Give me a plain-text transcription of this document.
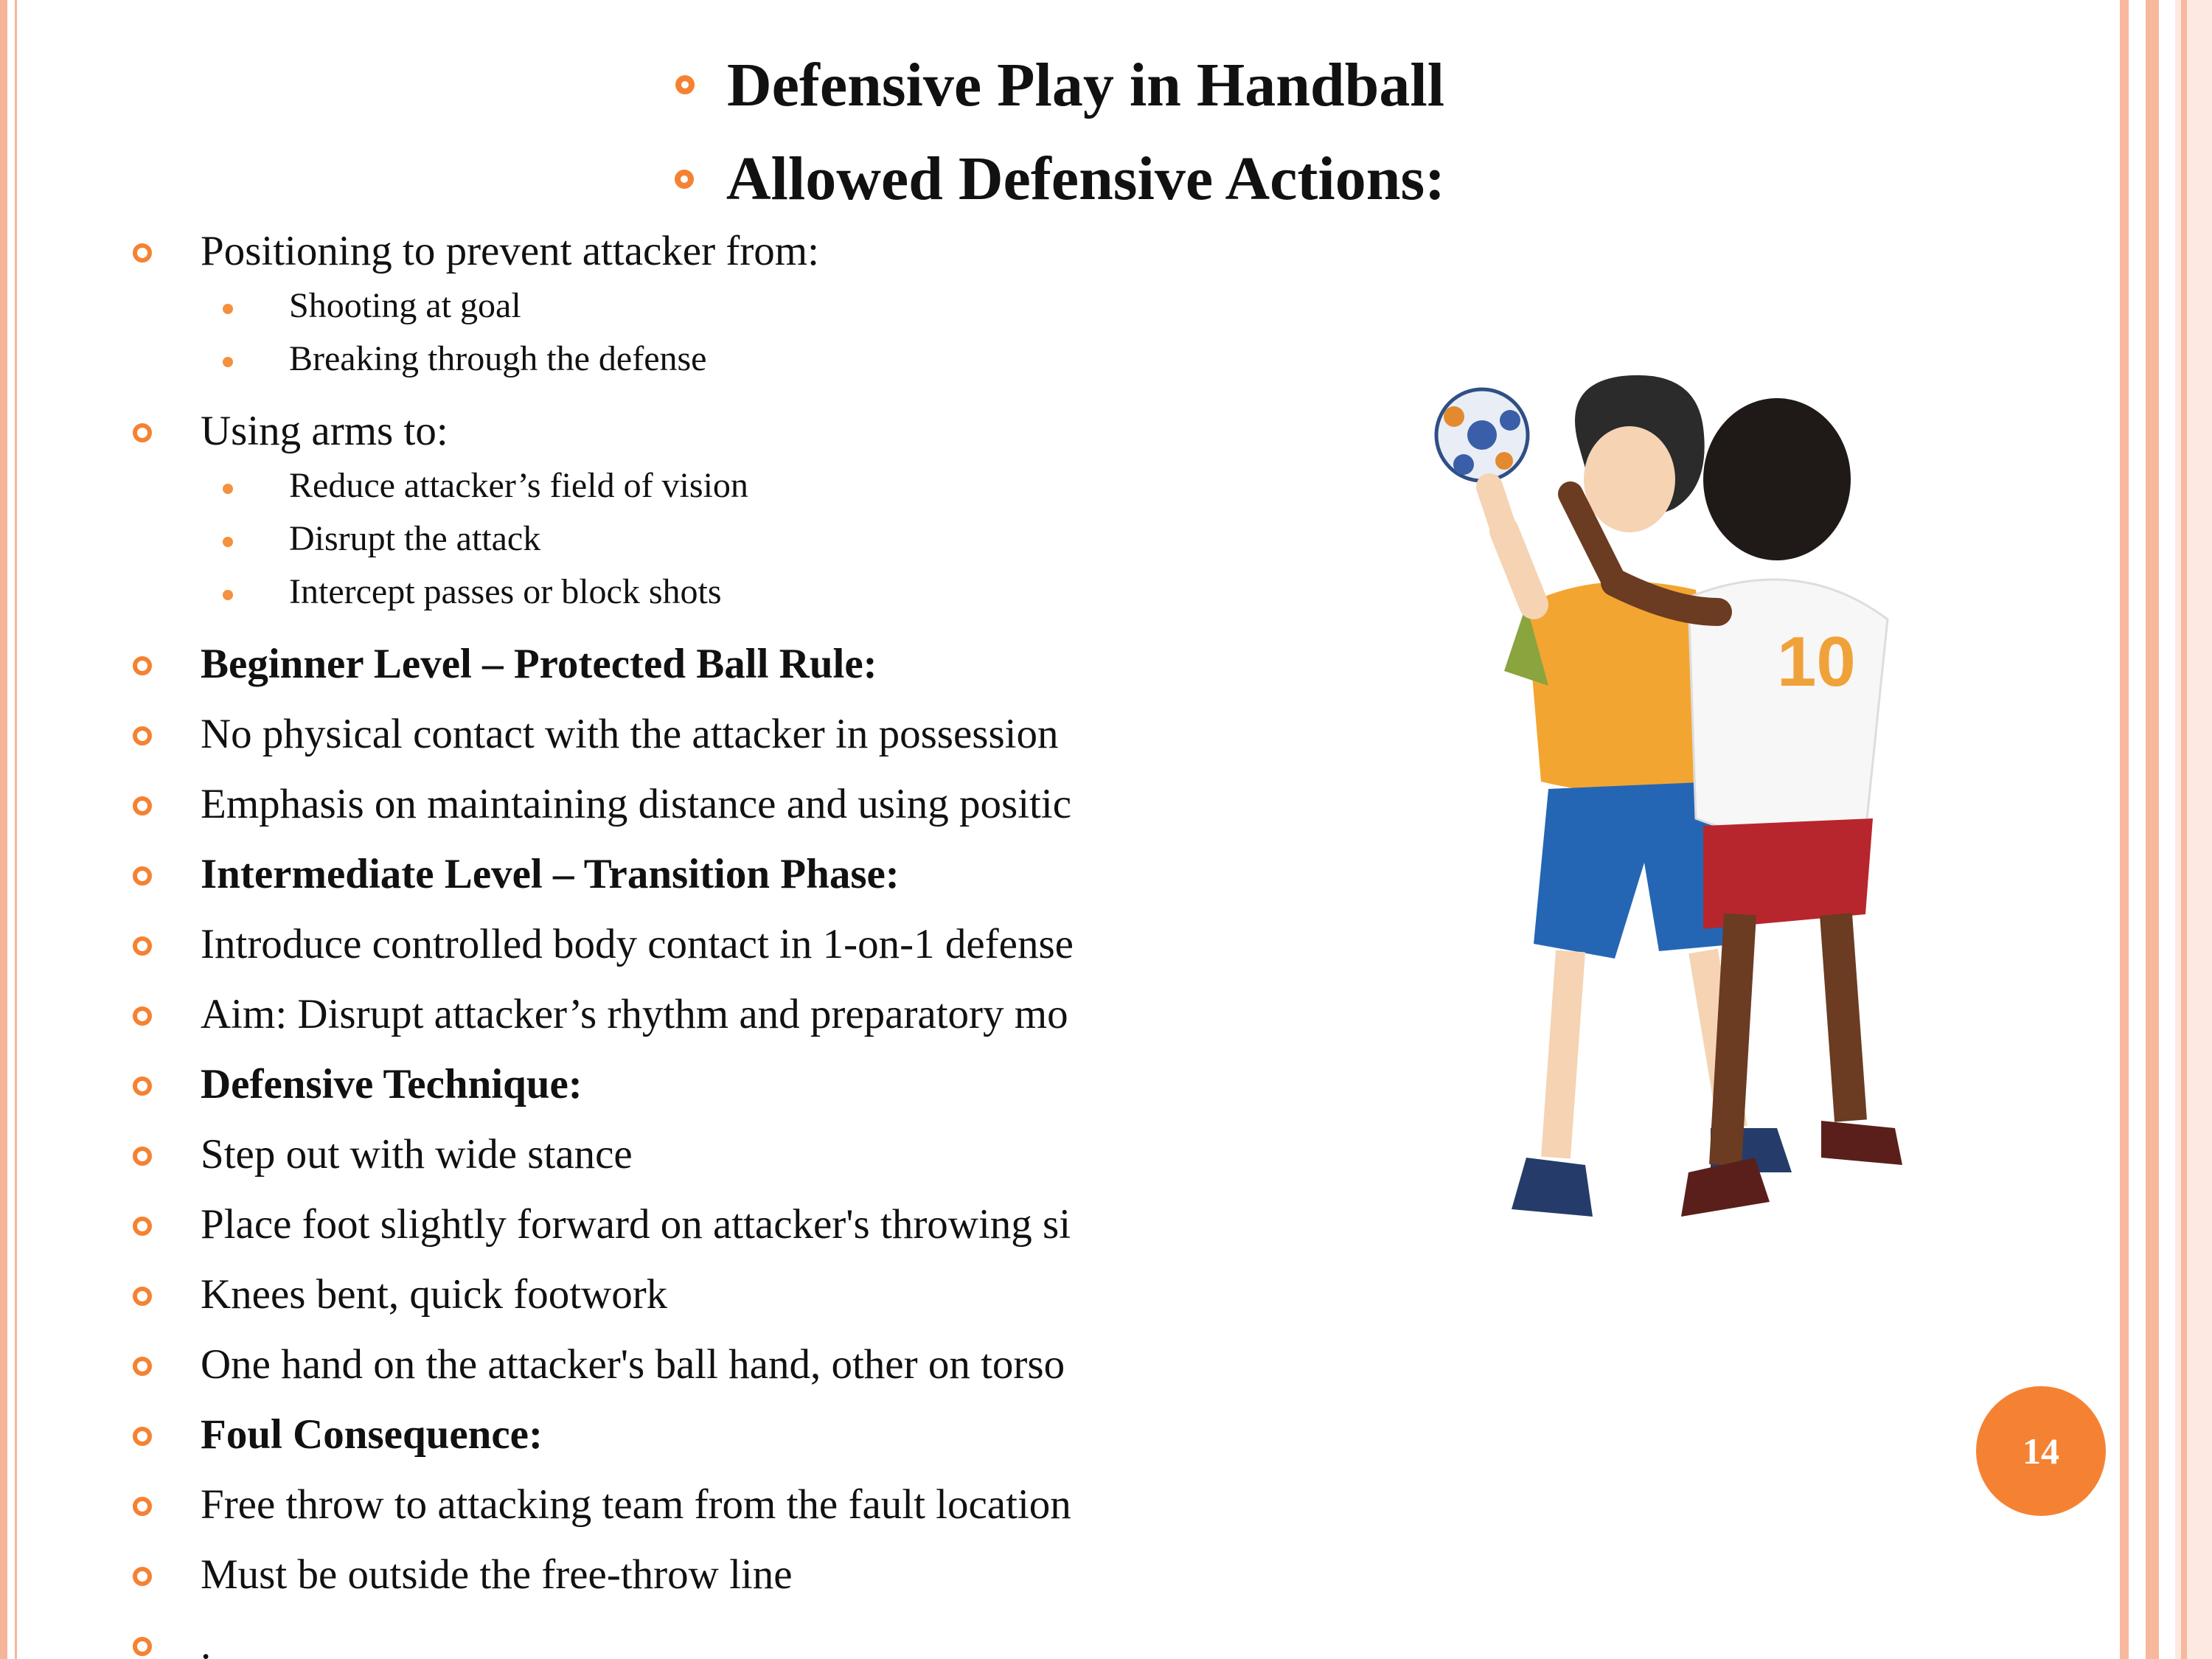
Defensive Play in Handball
Allowed Defensive Actions:
Positioning to prevent attacker from:
Shooting at goal
Breaking through the defense
Using arms to:
Reduce attacker’s field of vision
Disrupt the attack
Intercept passes or block shots
Beginner Level – Protected Ball Rule:
No physical contact with the attacker in possession
Emphasis on maintaining distance and using positic
Intermediate Level – Transition Phase:
Introduce controlled body contact in 1-on-1 defense
Aim: Disrupt attacker’s rhythm and preparatory mo
Defensive Technique:
Step out with wide stance
Place foot slightly forward on attacker's throwing si
Knees bent, quick footwork
One hand on the attacker's ball hand, other on torso
Foul Consequence:
Free throw to attacking team from the fault location
Must be outside the free-throw line
.
10
14
